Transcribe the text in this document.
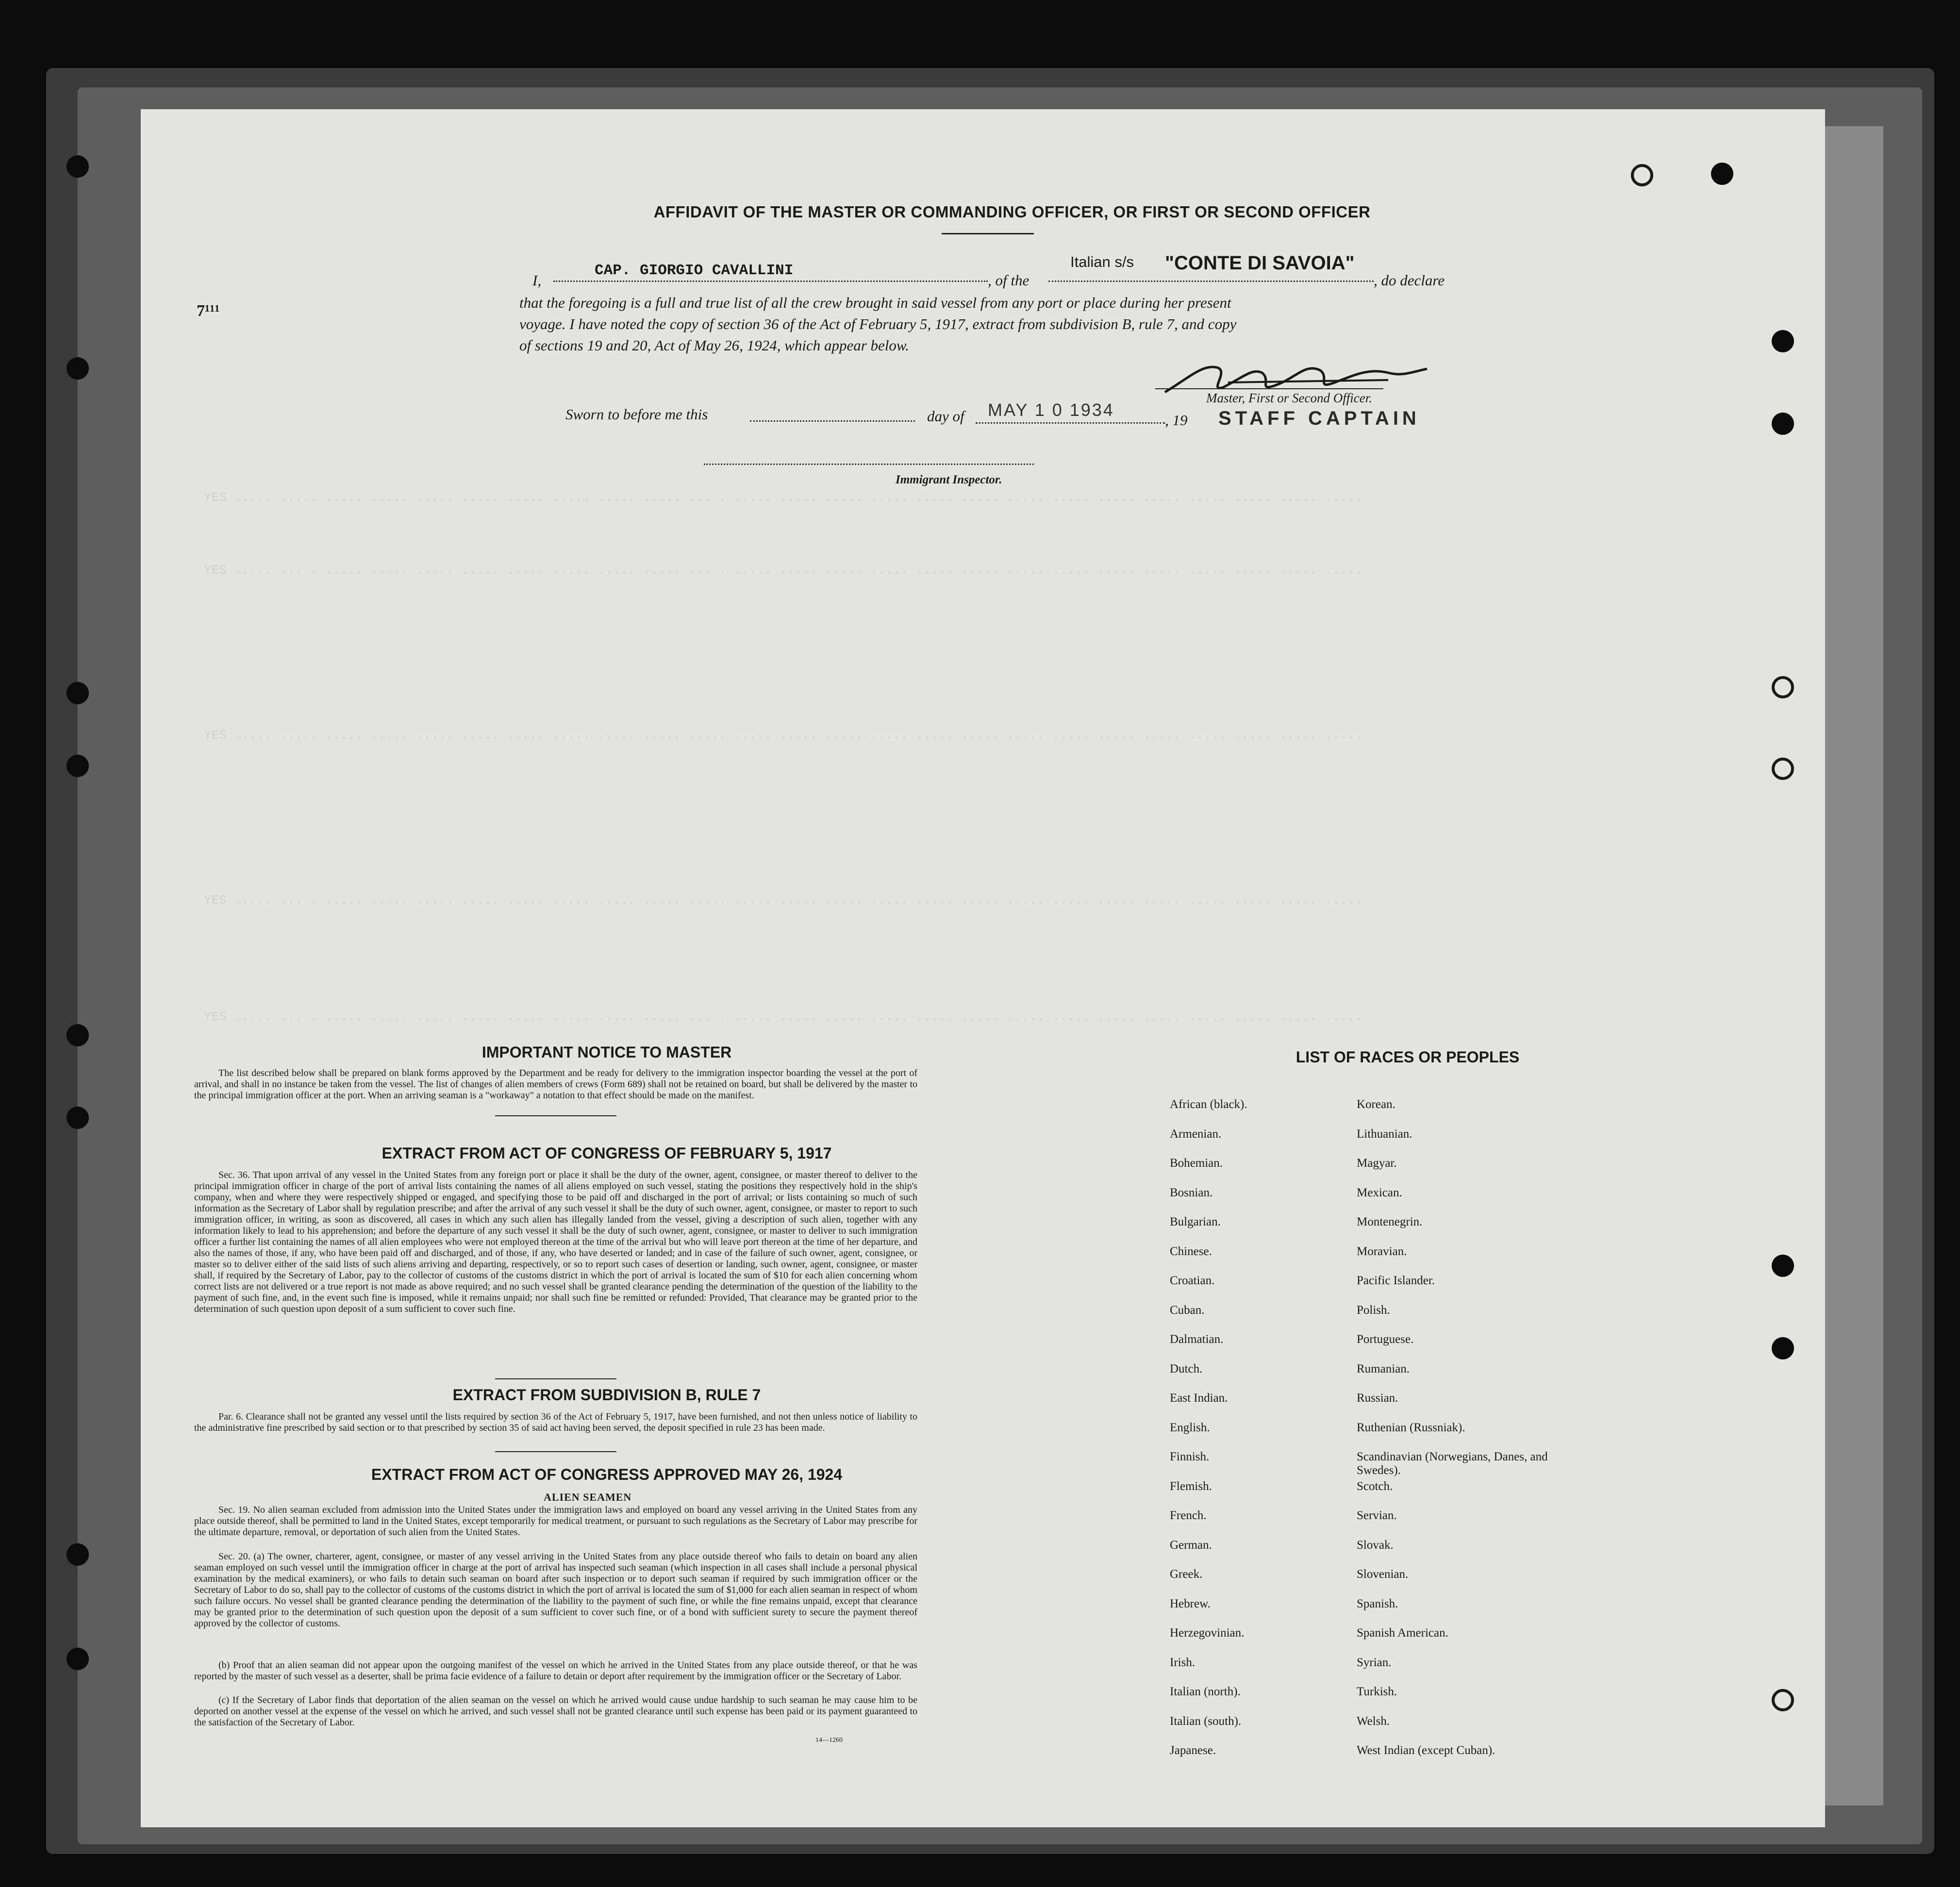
YES ..... ..... ..... ..... ..... ..... ..... ..... ..... ..... ..... ..... ..... ..... ..... ..... ..... ..... ..... ..... ..... ..... ..... ..... .....
YES ..... ..... ..... ..... ..... ..... ..... ..... ..... ..... ..... ..... ..... ..... ..... ..... ..... ..... ..... ..... ..... ..... ..... ..... .....
YES ..... ..... ..... ..... ..... ..... ..... ..... ..... ..... ..... ..... ..... ..... ..... ..... ..... ..... ..... ..... ..... ..... ..... ..... .....
YES ..... ..... ..... ..... ..... ..... ..... ..... ..... ..... ..... ..... ..... ..... ..... ..... ..... ..... ..... ..... ..... ..... ..... ..... .....
YES ..... ..... ..... ..... ..... ..... ..... ..... ..... ..... ..... ..... ..... ..... ..... ..... ..... ..... ..... ..... ..... ..... ..... ..... .....
AFFIDAVIT OF THE MASTER OR COMMANDING OFFICER, OR FIRST OR SECOND OFFICER
7¹¹¹
I,
CAP. GIORGIO CAVALLINI
, of the
Italian s/s "CONTE DI SAVOIA"
, do declare
that the foregoing is a full and true list of all the crew brought in said vessel from any port or place during her present
voyage. I have noted the copy of section 36 of the Act of February 5, 1917, extract from subdivision B, rule 7, and copy
of sections 19 and 20, Act of May 26, 1924, which appear below.
Master, First or Second Officer.
Sworn to before me this	day of MAY 1 0 1934
, 19 STAFF CAPTAIN
Immigrant Inspector.
IMPORTANT NOTICE TO MASTER
The list described below shall be prepared on blank forms approved by the Department and be ready for delivery to the immigration inspector boarding the vessel at the port of arrival, and shall in no instance be taken from the vessel. The list of changes of alien members of crews (Form 689) shall not be retained on board, but shall be delivered by the master to the principal immigration officer at the port. When an arriving seaman is a "workaway" a notation to that effect should be made on the manifest.
EXTRACT FROM ACT OF CONGRESS OF FEBRUARY 5, 1917
Sec. 36. That upon arrival of any vessel in the United States from any foreign port or place it shall be the duty of the owner, agent, consignee, or master thereof to deliver to the principal immigration officer in charge of the port of arrival lists containing the names of all aliens employed on such vessel, stating the positions they respectively hold in the ship's company, when and where they were respectively shipped or engaged, and specifying those to be paid off and discharged in the port of arrival; or lists containing so much of such information as the Secretary of Labor shall by regulation prescribe; and after the arrival of any such vessel it shall be the duty of such owner, agent, consignee, or master to report to such immigration officer, in writing, as soon as discovered, all cases in which any such alien has illegally landed from the vessel, giving a description of such alien, together with any information likely to lead to his apprehension; and before the departure of any such vessel it shall be the duty of such owner, agent, consignee, or master to deliver to such immigration officer a further list containing the names of all alien employees who were not employed thereon at the time of the arrival but who will leave port thereon at the time of her departure, and also the names of those, if any, who have been paid off and discharged, and of those, if any, who have deserted or landed; and in case of the failure of such owner, agent, consignee, or master so to deliver either of the said lists of such aliens arriving and departing, respectively, or so to report such cases of desertion or landing, such owner, agent, consignee, or master shall, if required by the Secretary of Labor, pay to the collector of customs of the customs district in which the port of arrival is located the sum of $10 for each alien concerning whom correct lists are not delivered or a true report is not made as above required; and no such vessel shall be granted clearance pending the determination of the question of the liability to the payment of such fine, and, in the event such fine is imposed, while it remains unpaid; nor shall such fine be remitted or refunded: Provided, That clearance may be granted prior to the determination of such question upon deposit of a sum sufficient to cover such fine.
EXTRACT FROM SUBDIVISION B, RULE 7
Par. 6. Clearance shall not be granted any vessel until the lists required by section 36 of the Act of February 5, 1917, have been furnished, and not then unless notice of liability to the administrative fine prescribed by said section or to that prescribed by section 35 of said act having been served, the deposit specified in rule 23 has been made.
EXTRACT FROM ACT OF CONGRESS APPROVED MAY 26, 1924
ALIEN SEAMEN
Sec. 19. No alien seaman excluded from admission into the United States under the immigration laws and employed on board any vessel arriving in the United States from any place outside thereof, shall be permitted to land in the United States, except temporarily for medical treatment, or pursuant to such regulations as the Secretary of Labor may prescribe for the ultimate departure, removal, or deportation of such alien from the United States.
Sec. 20. (a) The owner, charterer, agent, consignee, or master of any vessel arriving in the United States from any place outside thereof who fails to detain on board any alien seaman employed on such vessel until the immigration officer in charge at the port of arrival has inspected such seaman (which inspection in all cases shall include a personal physical examination by the medical examiners), or who fails to detain such seaman on board after such inspection or to deport such seaman if required by such immigration officer or the Secretary of Labor to do so, shall pay to the collector of customs of the customs district in which the port of arrival is located the sum of $1,000 for each alien seaman in respect of whom such failure occurs. No vessel shall be granted clearance pending the determination of the liability to the payment of such fine, or while the fine remains unpaid, except that clearance may be granted prior to the determination of such question upon the deposit of a sum sufficient to cover such fine, or of a bond with sufficient surety to secure the payment thereof approved by the collector of customs.
(b) Proof that an alien seaman did not appear upon the outgoing manifest of the vessel on which he arrived in the United States from any place outside thereof, or that he was reported by the master of such vessel as a deserter, shall be prima facie evidence of a failure to detain or deport after requirement by the immigration officer or the Secretary of Labor.
(c) If the Secretary of Labor finds that deportation of the alien seaman on the vessel on which he arrived would cause undue hardship to such seaman he may cause him to be deported on another vessel at the expense of the vessel on which he arrived, and such vessel shall not be granted clearance until such expense has been paid or its payment guaranteed to the satisfaction of the Secretary of Labor.
14—1260
LIST OF RACES OR PEOPLES
African (black).
Armenian.
Bohemian.
Bosnian.
Bulgarian.
Chinese.
Croatian.
Cuban.
Dalmatian.
Dutch.
East Indian.
English.
Finnish.
Flemish.
French.
German.
Greek.
Hebrew.
Herzegovinian.
Irish.
Italian (north).
Italian (south).
Japanese.
Korean.
Lithuanian.
Magyar.
Mexican.
Montenegrin.
Moravian.
Pacific Islander.
Polish.
Portuguese.
Rumanian.
Russian.
Ruthenian (Russniak).
Scandinavian (Norwegians, Danes, and Swedes).
Scotch.
Servian.
Slovak.
Slovenian.
Spanish.
Spanish American.
Syrian.
Turkish.
Welsh.
West Indian (except Cuban).
